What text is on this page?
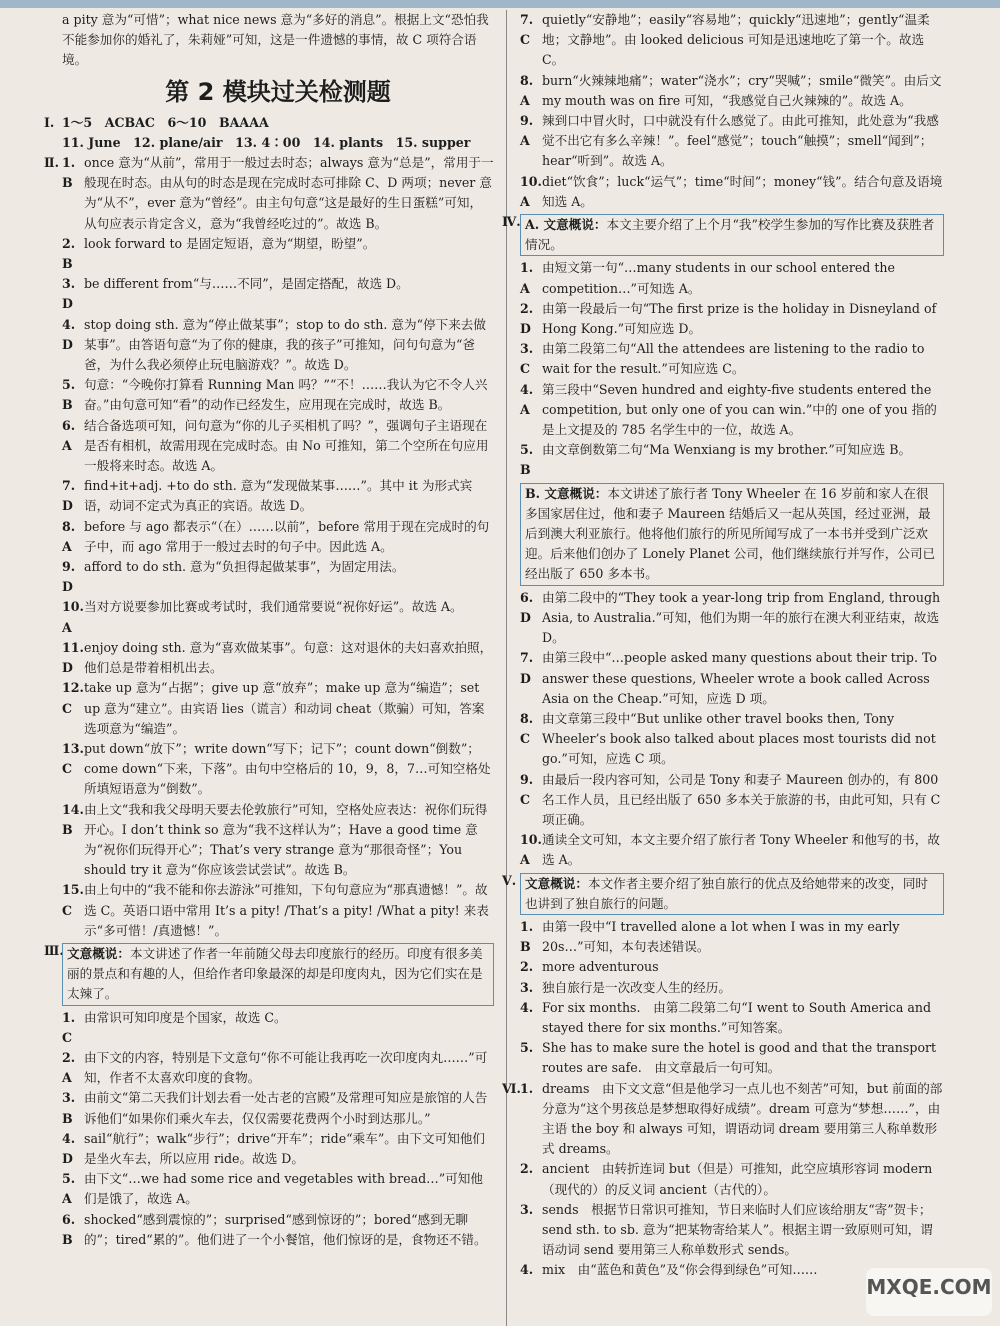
a pity 意为“可惜”；what nice news 意为“多好的消息”。根据上文“恐怕我不能参加你的婚礼了，朱莉娅”可知，这是一件遗憾的事情，故 C 项符合语境。
第 2 模块过关检测题
Ⅰ. 1～5　ACBAC　6～10　BAAAA
11. June　12. plane/air　13. 4∶00　14. plants　15. supper
Ⅱ. 1. B
once 意为“从前”，常用于一般过去时态；always 意为“总是”，常用于一般现在时态。由从句的时态是现在完成时态可排除 C、D 两项；never 意为“从不”，ever 意为“曾经”。由主句句意“这是最好的生日蛋糕”可知，从句应表示肯定含义，意为“我曾经吃过的”。故选 B。
2. B
look forward to 是固定短语，意为“期望，盼望”。
3. D
be different from“与……不同”，是固定搭配，故选 D。
4. D
stop doing sth. 意为“停止做某事”；stop to do sth. 意为“停下来去做某事”。由答语句意“为了你的健康，我的孩子”可推知，问句句意为“爸爸，为什么我必须停止玩电脑游戏？”。故选 D。
5. B
句意：“今晚你打算看 Running Man 吗？”“不！……我认为它不令人兴奋。”由句意可知“看”的动作已经发生，应用现在完成时，故选 B。
6. A
结合备选项可知，问句意为“你的儿子买相机了吗？”，强调句子主语现在是否有相机，故需用现在完成时态。由 No 可推知，第二个空所在句应用一般将来时态。故选 A。
7. D
find+it+adj. +to do sth. 意为“发现做某事……”。其中 it 为形式宾语，动词不定式为真正的宾语。故选 D。
8. A
before 与 ago 都表示“（在）……以前”，before 常用于现在完成时的句子中，而 ago 常用于一般过去时的句子中。因此选 A。
9. D
afford to do sth. 意为“负担得起做某事”，为固定用法。
10. A
当对方说要参加比赛或考试时，我们通常要说“祝你好运”。故选 A。
11. D
enjoy doing sth. 意为“喜欢做某事”。句意：这对退休的夫妇喜欢拍照，他们总是带着相机出去。
12. C
take up 意为“占据”；give up 意“放弃”；make up 意为“编造”；set up 意为“建立”。由宾语 lies（谎言）和动词 cheat（欺骗）可知，答案选项意为“编造”。
13. C
put down“放下”；write down“写下；记下”；count down“倒数”；come down“下来，下落”。由句中空格后的 10，9，8，7…可知空格处所填短语意为“倒数”。
14. B
由上文“我和我父母明天要去伦敦旅行”可知，空格处应表达：祝你们玩得开心。I don’t think so 意为“我不这样认为”；Have a good time 意为“祝你们玩得开心”；That’s very strange 意为“那很奇怪”；You should try it 意为“你应该尝试尝试”。故选 B。
15. C
由上句中的“我不能和你去游泳”可推知，下句句意应为“那真遗憾！”。故选 C。英语口语中常用 It’s a pity! /That’s a pity! /What a pity! 来表示“多可惜！/真遗憾！”。
Ⅲ. 文意概说：本文讲述了作者一年前随父母去印度旅行的经历。印度有很多美丽的景点和有趣的人，但给作者印象最深的却是印度肉丸，因为它们实在是太辣了。
1. C
由常识可知印度是个国家，故选 C。
2. A
由下文的内容，特别是下文意句“你不可能让我再吃一次印度肉丸……”可知，作者不太喜欢印度的食物。
3. B
由前文“第二天我们计划去看一处古老的宫殿”及常理可知应是旅馆的人告诉他们“如果你们乘火车去，仅仅需要花费两个小时到达那儿。”
4. D
sail“航行”；walk“步行”；drive“开车”；ride“乘车”。由下文可知他们是坐火车去，所以应用 ride。故选 D。
5. A
由下文“…we had some rice and vegetables with bread…”可知他们是饿了，故选 A。
6. B
shocked“感到震惊的”；surprised“感到惊讶的”；bored“感到无聊的”；tired“累的”。他们进了一个小餐馆，他们惊讶的是，食物还不错。
7. C
quietly“安静地”；easily“容易地”；quickly“迅速地”；gently“温柔地；文静地”。由 looked delicious 可知是迅速地吃了第一个。故选 C。
8. A
burn“火辣辣地痛”；water“浇水”；cry“哭喊”；smile“微笑”。由后文 my mouth was on fire 可知，“我感觉自己火辣辣的”。故选 A。
9. A
辣到口中冒火时，口中就没有什么感觉了。由此可推知，此处意为“我感觉不出它有多么辛辣！”。feel“感觉”；touch“触摸”；smell“闻到”；hear“听到”。故选 A。
10. A
diet“饮食”；luck“运气”；time“时间”；money“钱”。结合句意及语境知选 A。
Ⅳ. A. 文意概说：本文主要介绍了上个月“我”校学生参加的写作比赛及获胜者情况。
1. A
由短文第一句“…many students in our school entered the competition…”可知选 A。
2. D
由第一段最后一句“The first prize is the holiday in Disneyland of Hong Kong.”可知应选 D。
3. C
由第二段第二句“All the attendees are listening to the radio to wait for the result.”可知应选 C。
4. A
第三段中“Seven hundred and eighty-five students entered the competition, but only one of you can win.”中的 one of you 指的是上文提及的 785 名学生中的一位，故选 A。
5. B
由文章倒数第二句“Ma Wenxiang is my brother.”可知应选 B。
B. 文意概说：本文讲述了旅行者 Tony Wheeler 在 16 岁前和家人在很多国家居住过，他和妻子 Maureen 结婚后又一起从英国，经过亚洲，最后到澳大利亚旅行。他将他们旅行的所见所闻写成了一本书并受到广泛欢迎。后来他们创办了 Lonely Planet 公司，他们继续旅行并写作，公司已经出版了 650 多本书。
6. D
由第二段中的“They took a year-long trip from England, through Asia, to Australia.”可知，他们为期一年的旅行在澳大利亚结束，故选 D。
7. D
由第三段中“…people asked many questions about their trip. To answer these questions, Wheeler wrote a book called Across Asia on the Cheap.”可知，应选 D 项。
8. C
由文章第三段中“But unlike other travel books then, Tony Wheeler’s book also talked about places most tourists did not go.”可知，应选 C 项。
9. C
由最后一段内容可知，公司是 Tony 和妻子 Maureen 创办的，有 800 名工作人员，且已经出版了 650 多本关于旅游的书，由此可知，只有 C 项正确。
10. A
通读全文可知，本文主要介绍了旅行者 Tony Wheeler 和他写的书，故选 A。
Ⅴ. 文意概说：本文作者主要介绍了独自旅行的优点及给她带来的改变，同时也讲到了独自旅行的问题。
1. B
由第一段中“I travelled alone a lot when I was in my early 20s…”可知，本句表述错误。
2. more adventurous
3. 独自旅行是一次改变人生的经历。
4. For six months.　由第二段第二句“I went to South America and stayed there for six months.”可知答案。
5. She has to make sure the hotel is good and that the transport routes are safe.　由文章最后一句可知。
Ⅵ. 1. dreams　由下文文意“但是他学习一点儿也不刻苦”可知，but 前面的部分意为“这个男孩总是梦想取得好成绩”。dream 可意为“梦想……”，由主语 the boy 和 always 可知，谓语动词 dream 要用第三人称单数形式 dreams。
2. ancient　由转折连词 but（但是）可推知，此空应填形容词 modern（现代的）的反义词 ancient（古代的）。
3. sends　根据节日常识可推知，节日来临时人们应该给朋友“寄”贺卡；send sth. to sb. 意为“把某物寄给某人”。根据主谓一致原则可知，谓语动词 send 要用第三人称单数形式 sends。
4. mix　由“蓝色和黄色”及“你会得到绿色”可知……
MXQE.COM
